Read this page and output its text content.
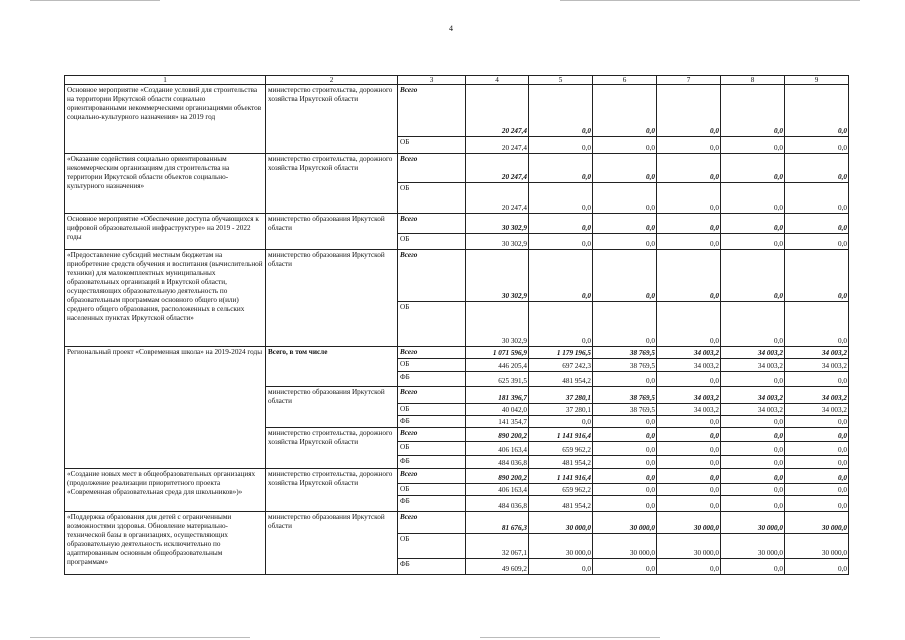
4
1	2	3	4	5	6	7	8	9
Основное мероприятие «Создание условий для строительства на территории Иркутской области социально ориентированными некоммерческими организациями объектов социально-культурного назначения» на 2019 год	министерство строительства, дорожного хозяйства Иркутской области	Всего	20 247,4	0,0	0,0	0,0	0,0	0,0
		ОБ	20 247,4	0,0	0,0	0,0	0,0	0,0
«Оказание содействия социально ориентированным некоммерческим организациям для строительства на территории Иркутской области объектов социально-культурного назначения»	министерство строительства, дорожного хозяйства Иркутской области	Всего	20 247,4	0,0	0,0	0,0	0,0	0,0
		ОБ	20 247,4	0,0	0,0	0,0	0,0	0,0
Основное мероприятие «Обеспечение доступа обучающихся к цифровой образовательной инфраструктуре» на 2019 - 2022 годы	министерство образования Иркутской области	Всего	30 302,9	0,0	0,0	0,0	0,0	0,0
		ОБ	30 302,9	0,0	0,0	0,0	0,0	0,0
«Предоставление субсидий местным бюджетам на приобретение средств обучения и воспитания (вычислительной техники) для малокомплектных муниципальных образовательных организаций в Иркутской области, осуществляющих образовательную деятельность по образовательным программам основного общего и(или) среднего общего образования, расположенных в сельских населенных пунктах Иркутской области»	министерство образования Иркутской области	Всего	30 302,9	0,0	0,0	0,0	0,0	0,0
		ОБ	30 302,9	0,0	0,0	0,0	0,0	0,0
Региональный проект «Современная школа» на 2019-2024 годы	Всего, в том числе	Всего	1 071 596,9	1 179 196,5	38 769,5	34 003,2	34 003,2	34 003,2
		ОБ	446 205,4	697 242,3	38 769,5	34 003,2	34 003,2	34 003,2
		ФБ	625 391,5	481 954,2	0,0	0,0	0,0	0,0
	министерство образования Иркутской области	Всего	181 396,7	37 280,1	38 769,5	34 003,2	34 003,2	34 003,2
		ОБ	40 042,0	37 280,1	38 769,5	34 003,2	34 003,2	34 003,2
		ФБ	141 354,7	0,0	0,0	0,0	0,0	0,0
	министерство строительства, дорожного хозяйства Иркутской области	Всего	890 200,2	1 141 916,4	0,0	0,0	0,0	0,0
		ОБ	406 163,4	659 962,2	0,0	0,0	0,0	0,0
		ФБ	484 036,8	481 954,2	0,0	0,0	0,0	0,0
«Создание новых мест в общеобразовательных организациях (продолжение реализации приоритетного проекта «Современная образовательная среда для школьников»)»	министерство строительства, дорожного хозяйства Иркутской области	Всего	890 200,2	1 141 916,4	0,0	0,0	0,0	0,0
		ОБ	406 163,4	659 962,2	0,0	0,0	0,0	0,0
		ФБ	484 036,8	481 954,2	0,0	0,0	0,0	0,0
«Поддержка образования для детей с ограниченными возможностями здоровья. Обновление материально-технической базы в организациях, осуществляющих образовательную деятельность исключительно по адаптированным основным общеобразовательным программам»	министерство образования Иркутской области	Всего	81 676,3	30 000,0	30 000,0	30 000,0	30 000,0	30 000,0
		ОБ	32 067,1	30 000,0	30 000,0	30 000,0	30 000,0	30 000,0
		ФБ	49 609,2	0,0	0,0	0,0	0,0	0,0
